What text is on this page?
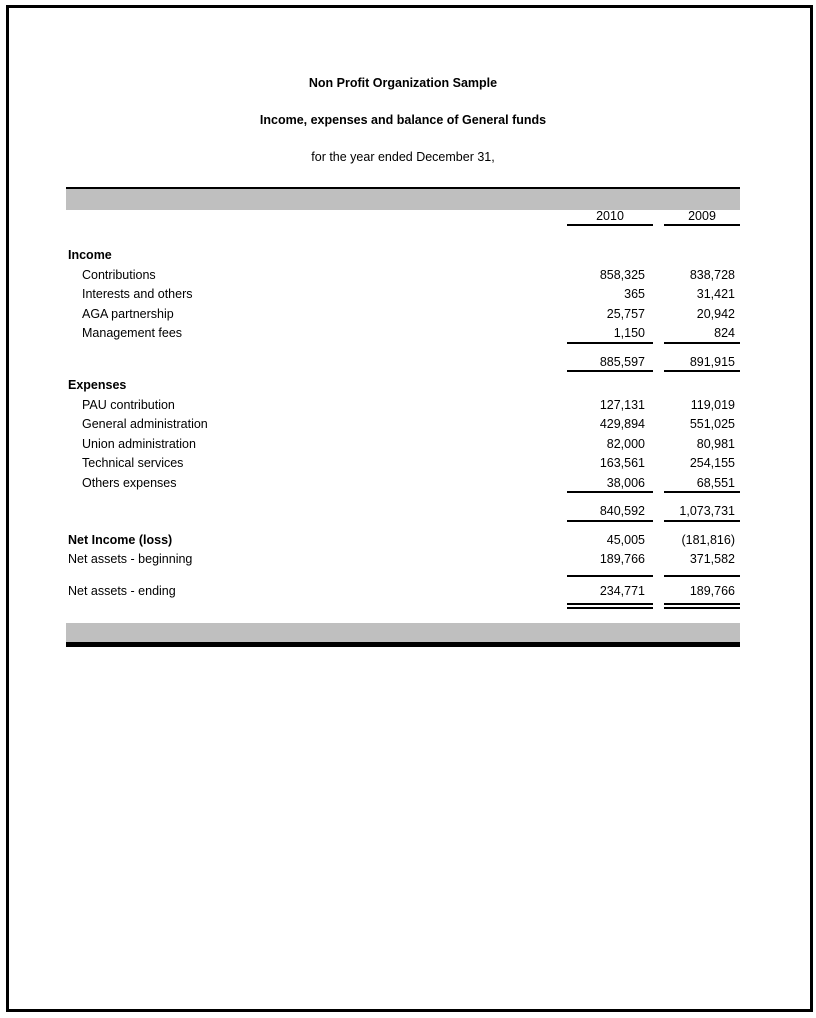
Non Profit Organization Sample
Income, expenses and balance of General funds
for the year ended December 31,
2010	2009
Income
Contributions	858,325	838,728
Interests and others	365	31,421
AGA partnership	25,757	20,942
Management fees	1,150	824
885,597	891,915
Expenses
PAU contribution	127,131	119,019
General administration	429,894	551,025
Union administration	82,000	80,981
Technical services	163,561	254,155
Others expenses	38,006	68,551
840,592	1,073,731
Net Income (loss)	45,005	(181,816)
Net assets - beginning	189,766	371,582
Net assets - ending	234,771	189,766
